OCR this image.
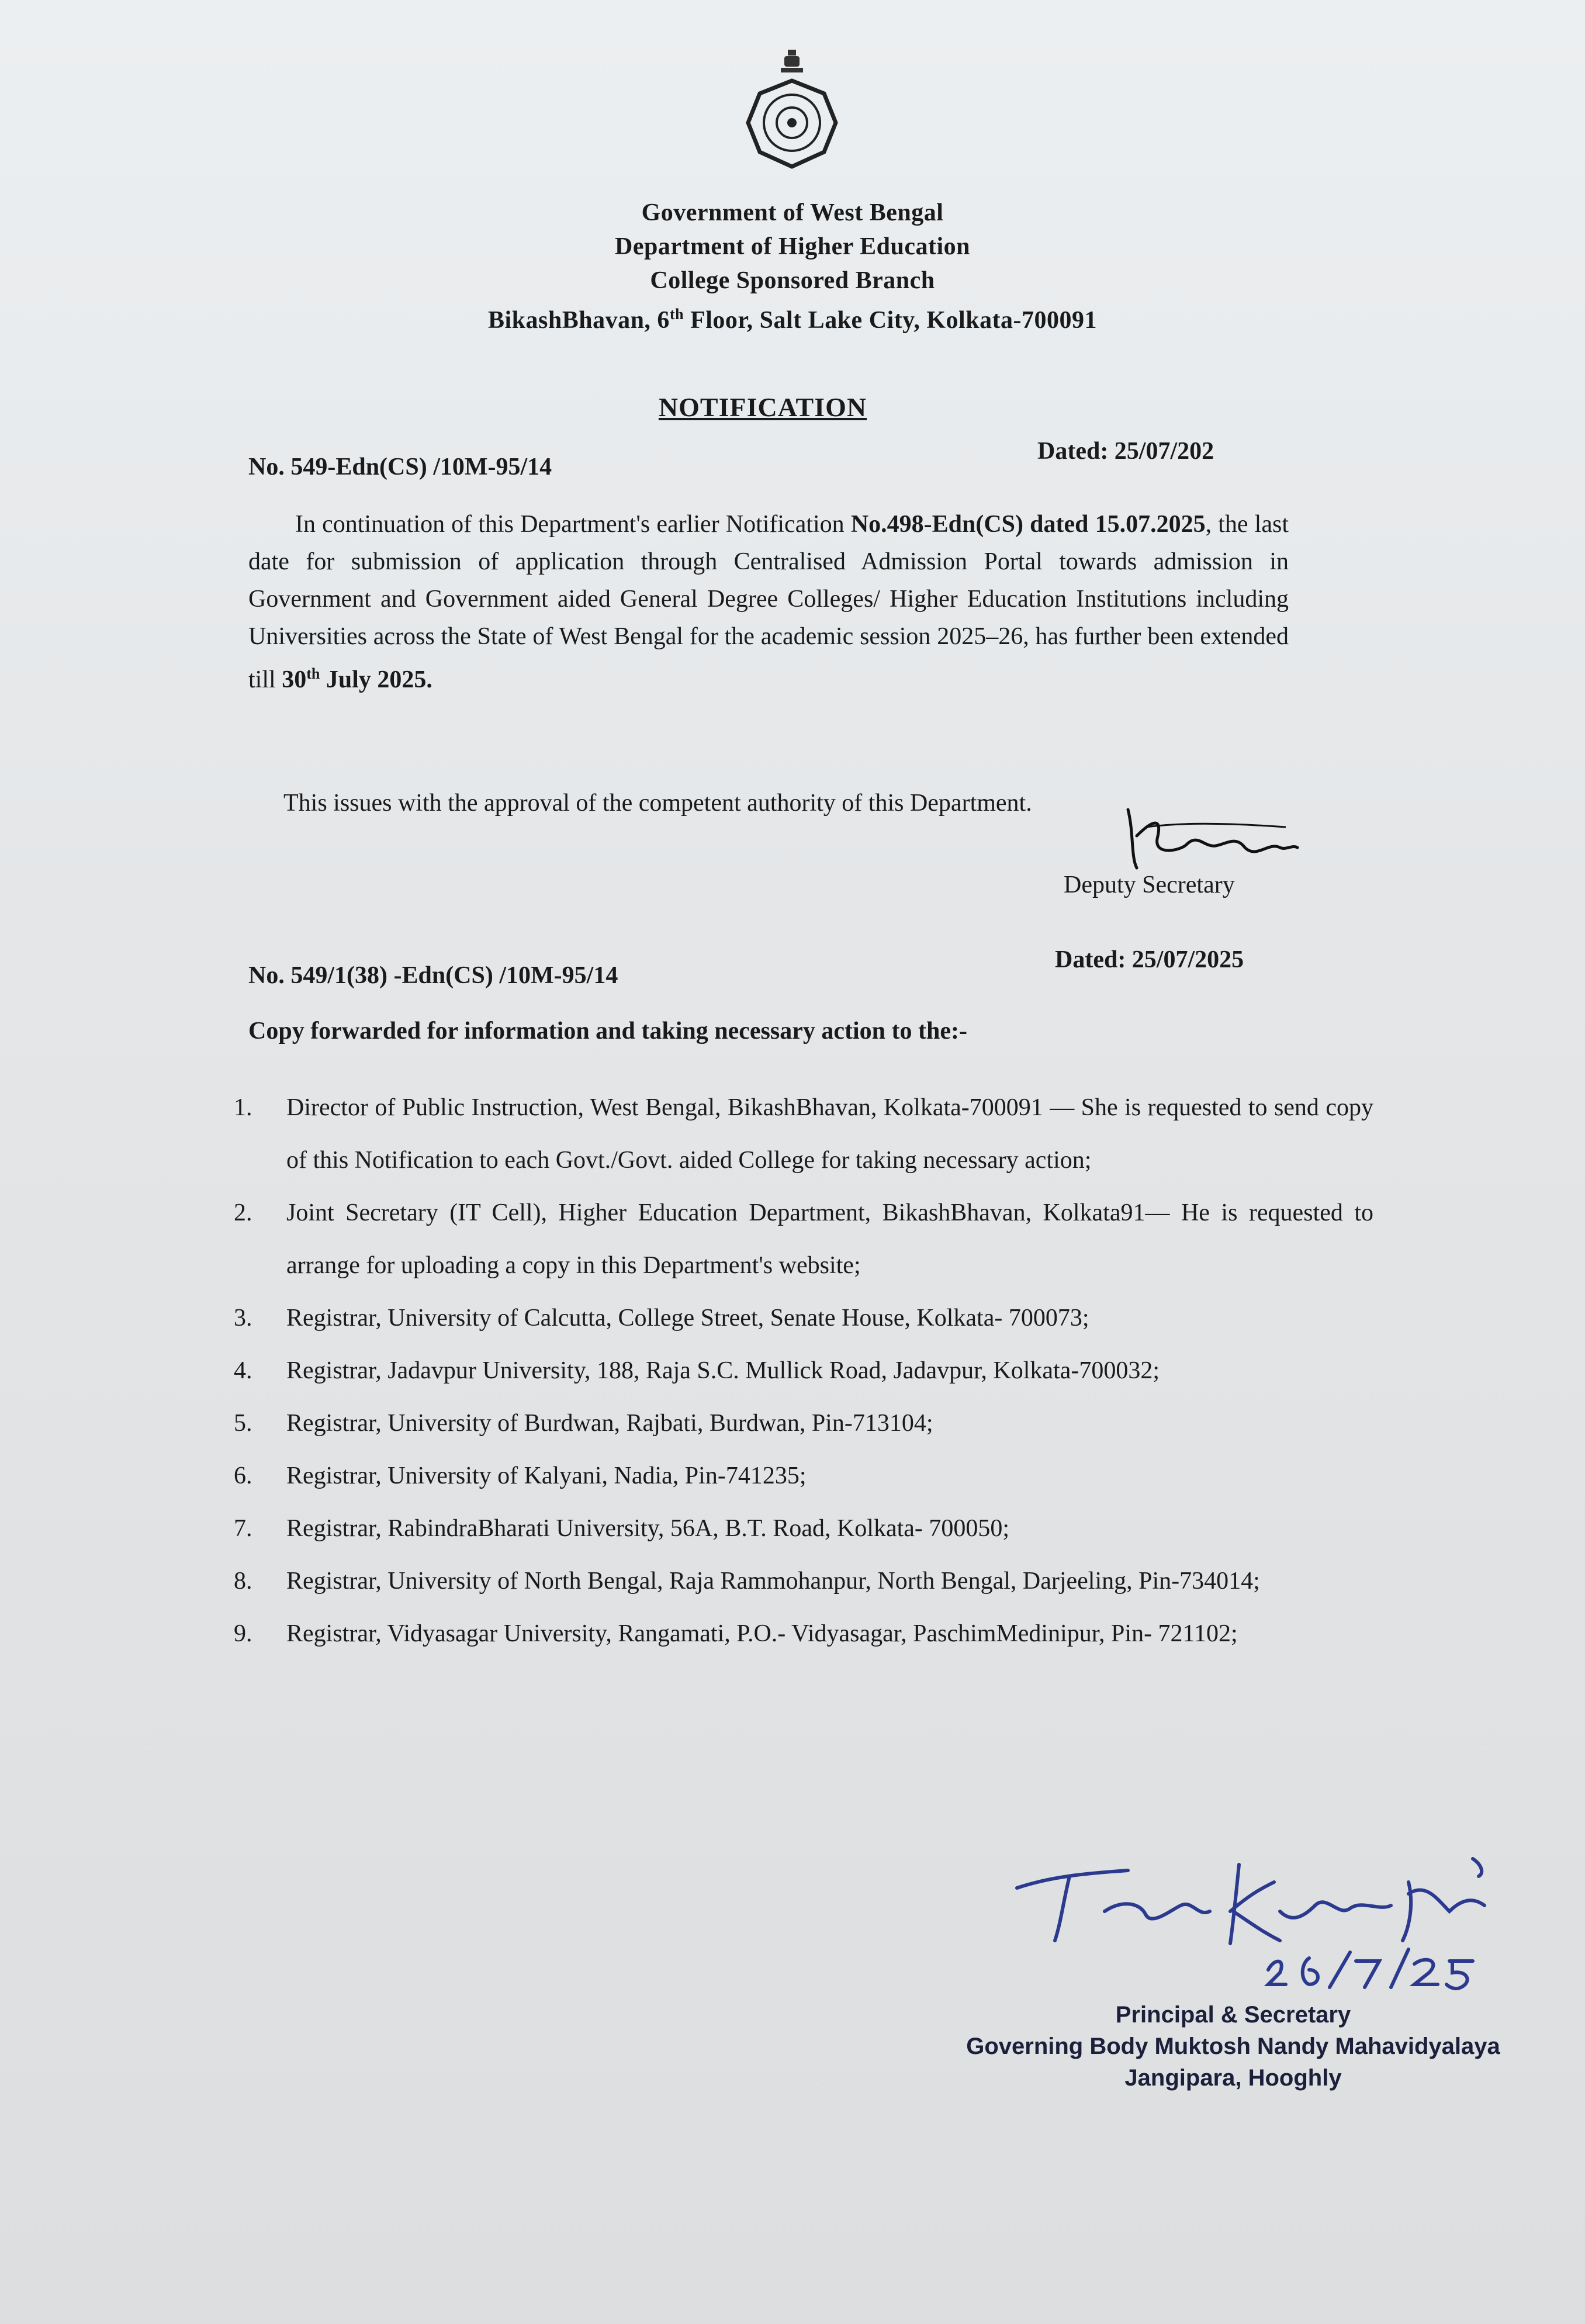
Government of West Bengal
Department of Higher Education
College Sponsored Branch
BikashBhavan, 6th Floor, Salt Lake City, Kolkata-700091
NOTIFICATION
No. 549-Edn(CS) /10M-95/14
Dated: 25/07/202
In continuation of this Department's earlier Notification No.498-Edn(CS) dated 15.07.2025, the last date for submission of application through Centralised Admission Portal towards admission in Government and Government aided General Degree Colleges/ Higher Education Institutions including Universities across the State of West Bengal for the academic session 2025–26, has further been extended till 30th July 2025.
This issues with the approval of the competent authority of this Department.
Deputy Secretary
No. 549/1(38) -Edn(CS) /10M-95/14
Dated: 25/07/2025
Copy forwarded for information and taking necessary action to the:-
1.	Director of Public Instruction, West Bengal, BikashBhavan, Kolkata-700091 — She is requested to send copy of this Notification to each Govt./Govt. aided College for taking necessary action;
2.	Joint Secretary (IT Cell), Higher Education Department, BikashBhavan, Kolkata91— He is requested to arrange for uploading a copy in this Department's website;
3.	Registrar, University of Calcutta, College Street, Senate House, Kolkata- 700073;
4.	Registrar, Jadavpur University, 188, Raja S.C. Mullick Road, Jadavpur, Kolkata-700032;
5.	Registrar, University of Burdwan, Rajbati, Burdwan, Pin-713104;
6.	Registrar, University of Kalyani, Nadia, Pin-741235;
7.	Registrar, RabindraBharati University, 56A, B.T. Road, Kolkata- 700050;
8.	Registrar, University of North Bengal, Raja Rammohanpur, North Bengal, Darjeeling, Pin-734014;
9.	Registrar, Vidyasagar University, Rangamati, P.O.- Vidyasagar, PaschimMedinipur, Pin- 721102;
Principal & Secretary
Governing Body Muktosh Nandy Mahavidyalaya
Jangipara, Hooghly
